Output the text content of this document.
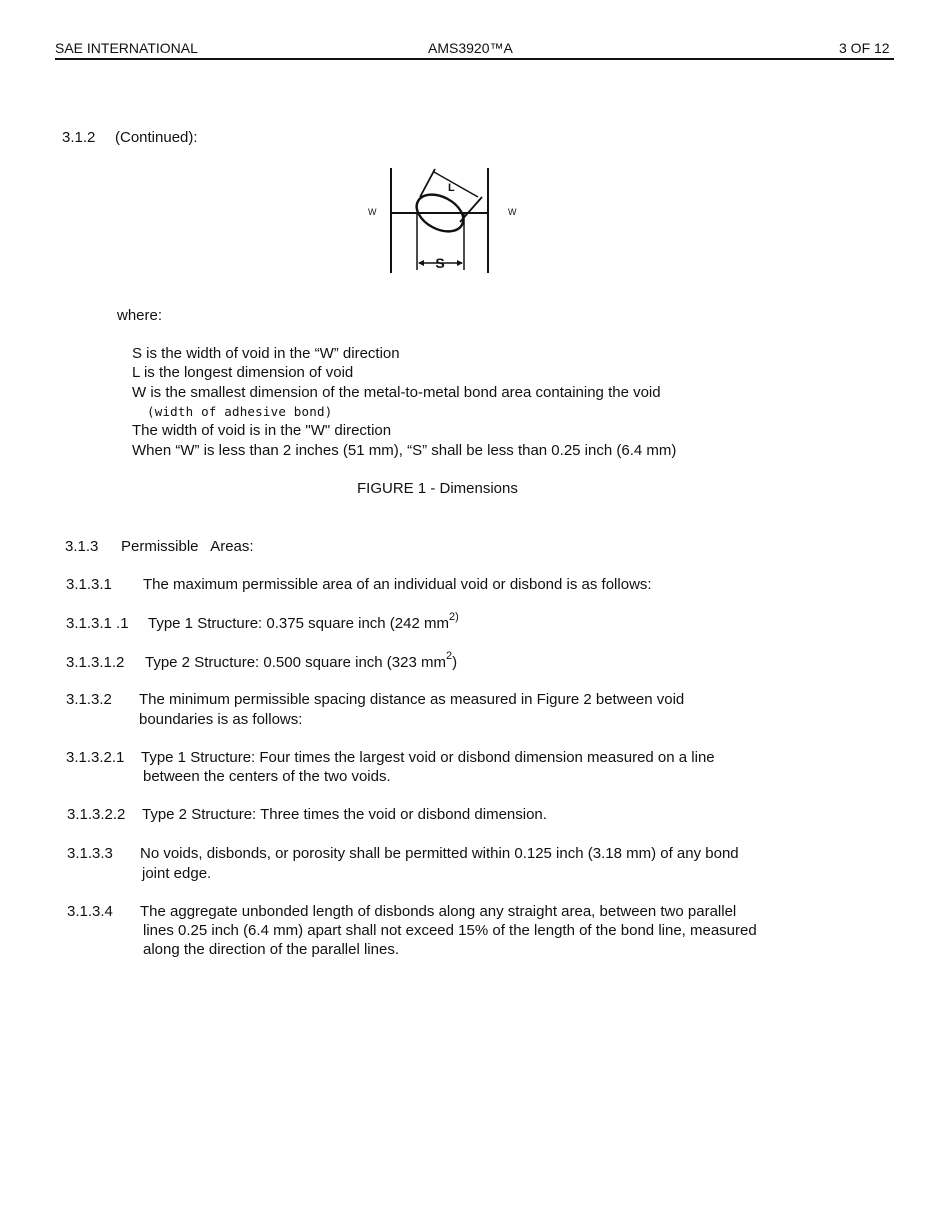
SAE INTERNATIONAL	AMS3920™A	3 OF 12
3.1.2 (Continued):
W	W
L
S
where:
S is the width of void in the “W” direction
L is the longest dimension of void
W is the smallest dimension of the metal-to-metal bond area containing the void
(width of adhesive bond)
The width of void is in the "W" direction
When “W” is less than 2 inches (51 mm), “S” shall be less than 0.25 inch (6.4 mm)
FIGURE 1 - Dimensions
3.1.3 Permissible   Areas:
3.1.3.1 The maximum permissible area of an individual void or disbond is as follows:
3.1.3.1 .1 Type 1 Structure: 0.375 square inch (242 $mm^{2)}$
3.1.3.1.2 Type 2 Structure: 0.500 square inch (323 $mm^2$)
3.1.3.2 The minimum permissible spacing distance as measured in Figure 2 between void
boundaries is as follows:
3.1.3.2.1 Type 1 Structure: Four times the largest void or disbond dimension measured on a line
between the centers of the two voids.
3.1.3.2.2 Type 2 Structure: Three times the void or disbond dimension.
3.1.3.3 No voids, disbonds, or porosity shall be permitted within 0.125 inch (3.18 mm) of any bond
joint edge.
3.1.3.4 The aggregate unbonded length of disbonds along any straight area, between two parallel
lines 0.25 inch (6.4 mm) apart shall not exceed 15% of the length of the bond line, measured
along the direction of the parallel lines.
